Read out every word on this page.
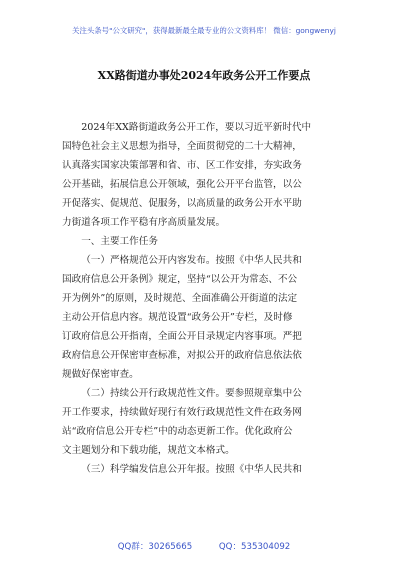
关注头条号"公文研究"，获得最新最全最专业的公文资料库！ 微信：gongwenyj
XX路街道办事处2024年政务公开工作要点

2024年XX路街道政务公开工作，要以习近平新时代中
国特色社会主义思想为指导，全面贯彻党的二十大精神，
认真落实国家决策部署和省、市、区工作安排，夯实政务
公开基础，拓展信息公开领域，强化公开平台监管，以公
开促落实、促规范、促服务，以高质量的政务公开水平助
力街道各项工作平稳有序高质量发展。

一、主要工作任务

（一）严格规范公开内容发布。按照《中华人民共和
国政府信息公开条例》规定，坚持“以公开为常态、不公
开为例外”的原则，及时规范、全面准确公开街道的法定
主动公开信息内容。规范设置“政务公开”专栏，及时修
订政府信息公开指南，全面公开目录规定内容事项。严把
政府信息公开保密审查标准，对拟公开的政府信息依法依
规做好保密审查。

（二）持续公开行政规范性文件。要参照规章集中公
开工作要求，持续做好现行有效行政规范性文件在政务网
站“政府信息公开专栏”中的动态更新工作。优化政府公
文主题划分和下载功能，规范文本格式。

（三）科学编发信息公开年报。按照《中华人民共和

QQ群：30265665	QQ：535304092
